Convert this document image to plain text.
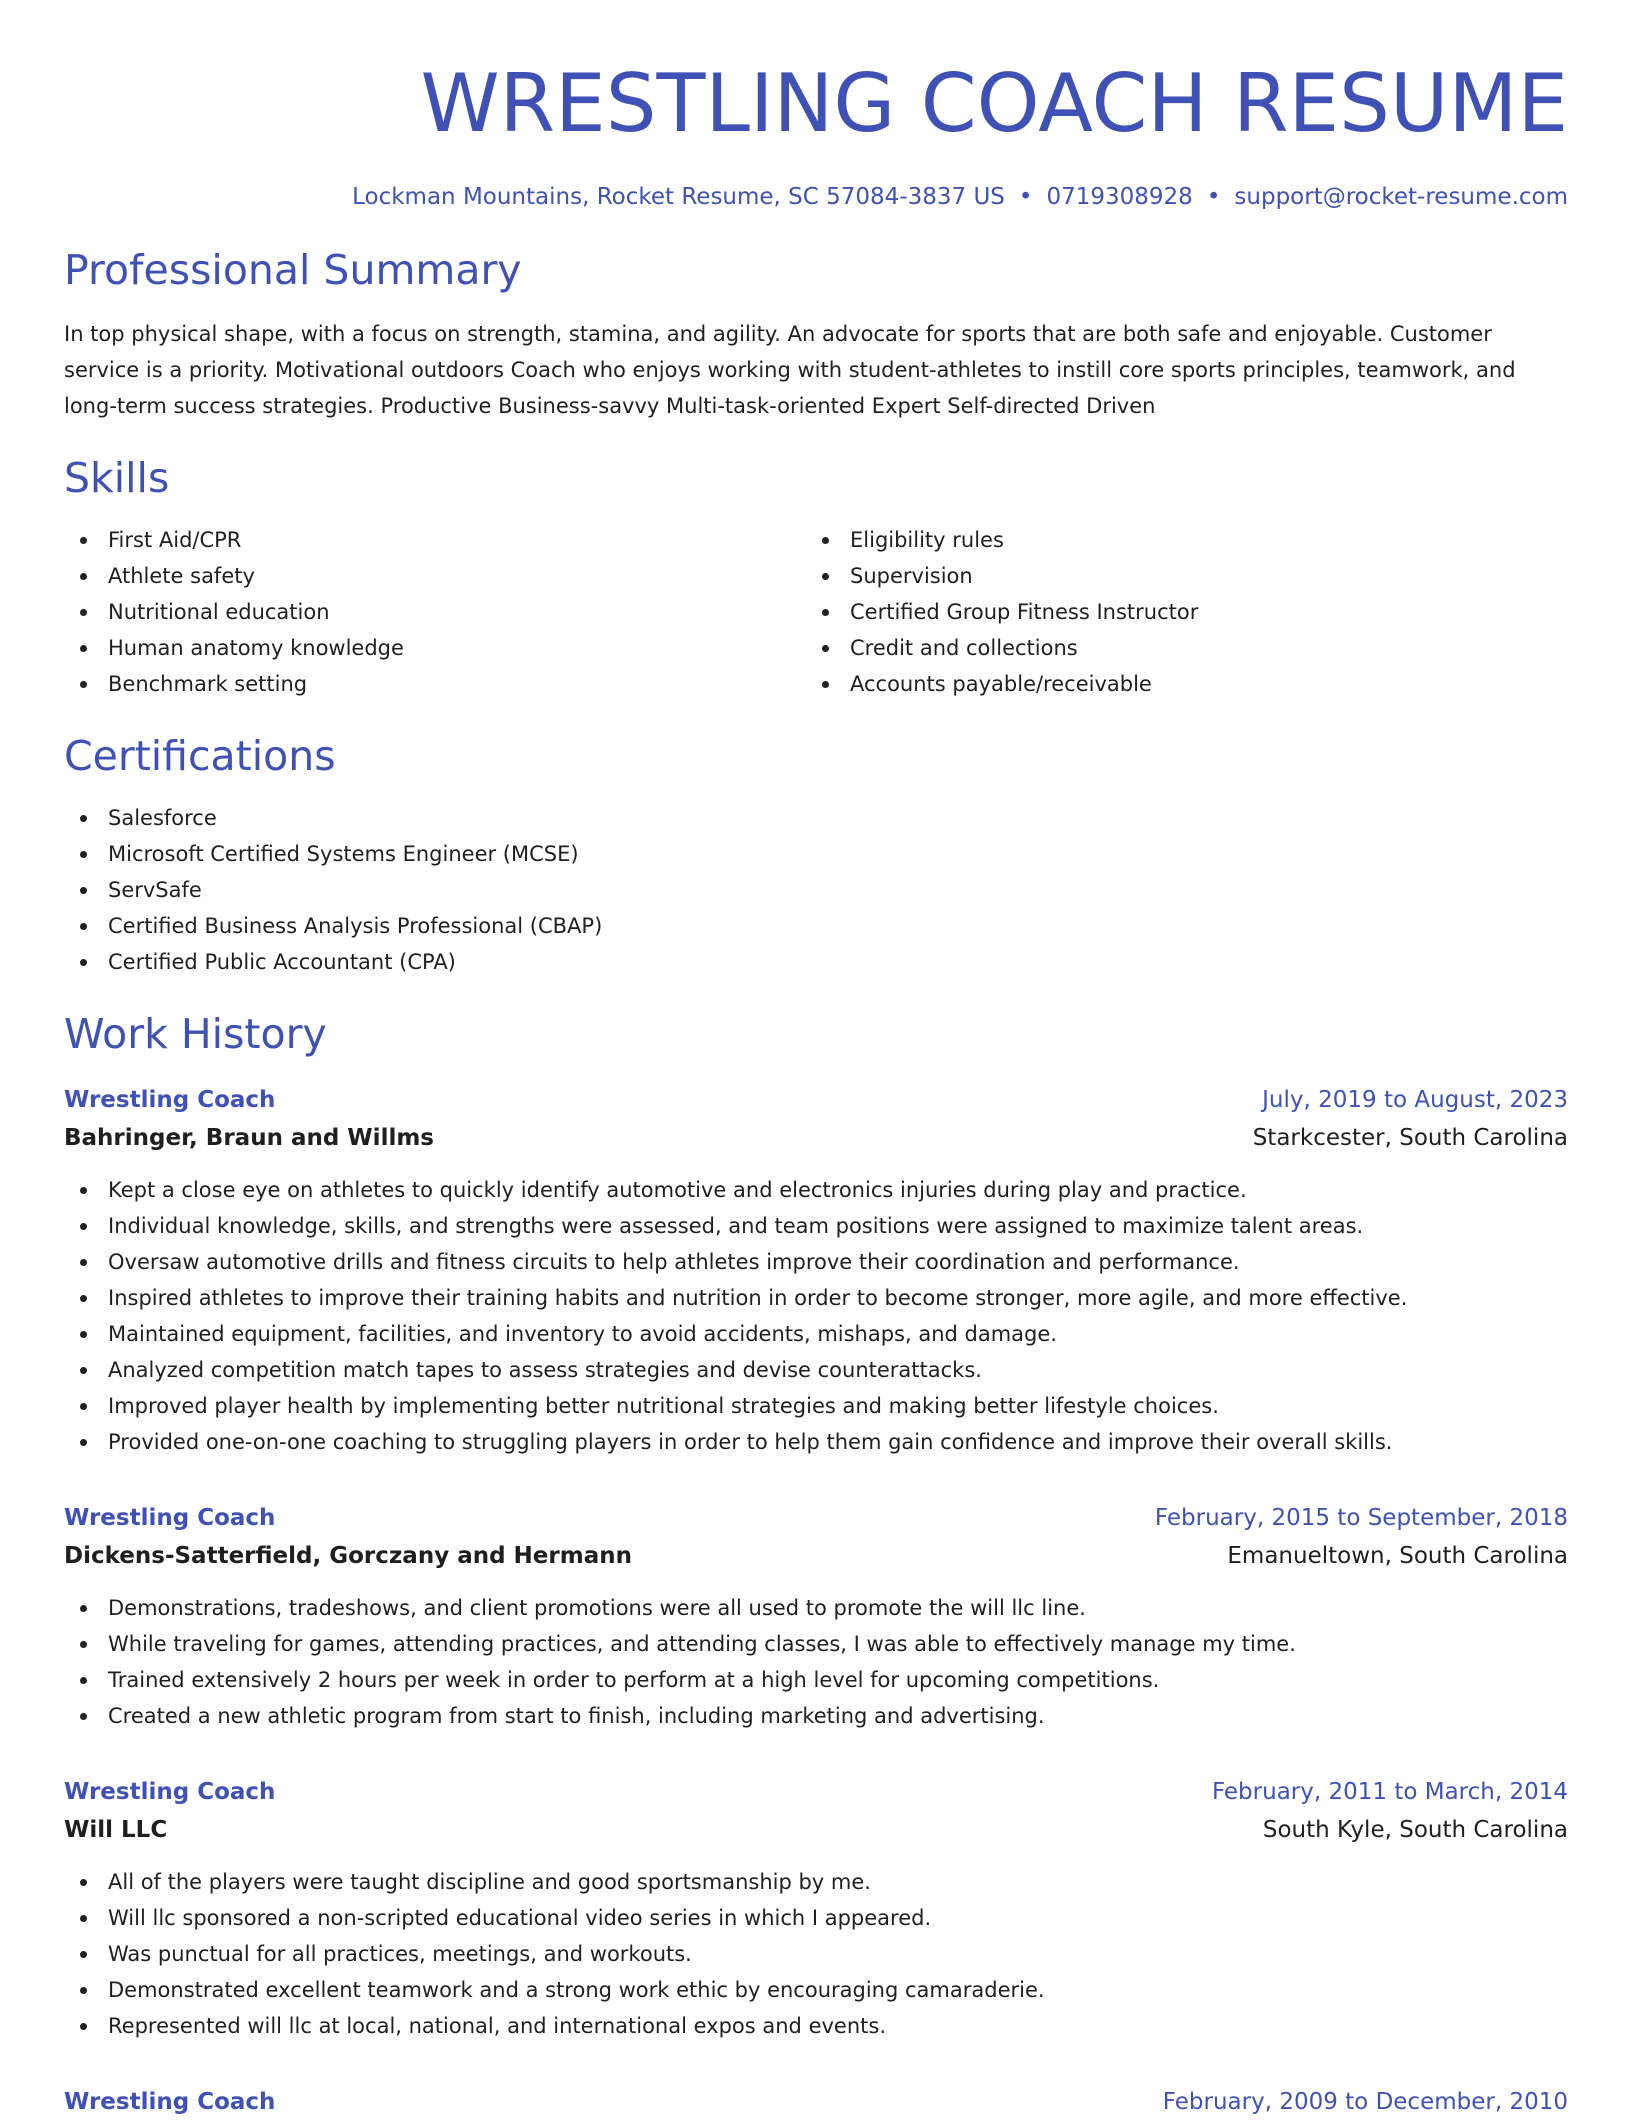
WRESTLING COACH RESUME
Lockman Mountains, Rocket Resume, SC 57084-3837 US • 0719308928 • support@rocket-resume.com
Professional Summary

In top physical shape, with a focus on strength, stamina, and agility. An advocate for sports that are both safe and enjoyable. Customer service is a priority. Motivational outdoors Coach who enjoys working with student-athletes to instill core sports principles, teamwork, and long-term success strategies. Productive Business-savvy Multi-task-oriented Expert Self-directed Driven

Skills
First Aid/CPR
Athlete safety
Nutritional education
Human anatomy knowledge
Benchmark setting
Eligibility rules
Supervision
Certified Group Fitness Instructor
Credit and collections
Accounts payable/receivable
Certifications
Salesforce
Microsoft Certified Systems Engineer (MCSE)
ServSafe
Certified Business Analysis Professional (CBAP)
Certified Public Accountant (CPA)
Work History
Wrestling Coach	July, 2019 to August, 2023
Bahringer, Braun and Willms	Starkcester, South Carolina
Kept a close eye on athletes to quickly identify automotive and electronics injuries during play and practice.
Individual knowledge, skills, and strengths were assessed, and team positions were assigned to maximize talent areas.
Oversaw automotive drills and fitness circuits to help athletes improve their coordination and performance.
Inspired athletes to improve their training habits and nutrition in order to become stronger, more agile, and more effective.
Maintained equipment, facilities, and inventory to avoid accidents, mishaps, and damage.
Analyzed competition match tapes to assess strategies and devise counterattacks.
Improved player health by implementing better nutritional strategies and making better lifestyle choices.
Provided one-on-one coaching to struggling players in order to help them gain confidence and improve their overall skills.
Wrestling Coach	February, 2015 to September, 2018
Dickens-Satterfield, Gorczany and Hermann	Emanueltown, South Carolina
Demonstrations, tradeshows, and client promotions were all used to promote the will llc line.
While traveling for games, attending practices, and attending classes, I was able to effectively manage my time.
Trained extensively 2 hours per week in order to perform at a high level for upcoming competitions.
Created a new athletic program from start to finish, including marketing and advertising.
Wrestling Coach	February, 2011 to March, 2014
Will LLC	South Kyle, South Carolina
All of the players were taught discipline and good sportsmanship by me.
Will llc sponsored a non-scripted educational video series in which I appeared.
Was punctual for all practices, meetings, and workouts.
Demonstrated excellent teamwork and a strong work ethic by encouraging camaraderie.
Represented will llc at local, national, and international expos and events.
Wrestling Coach	February, 2009 to December, 2010
